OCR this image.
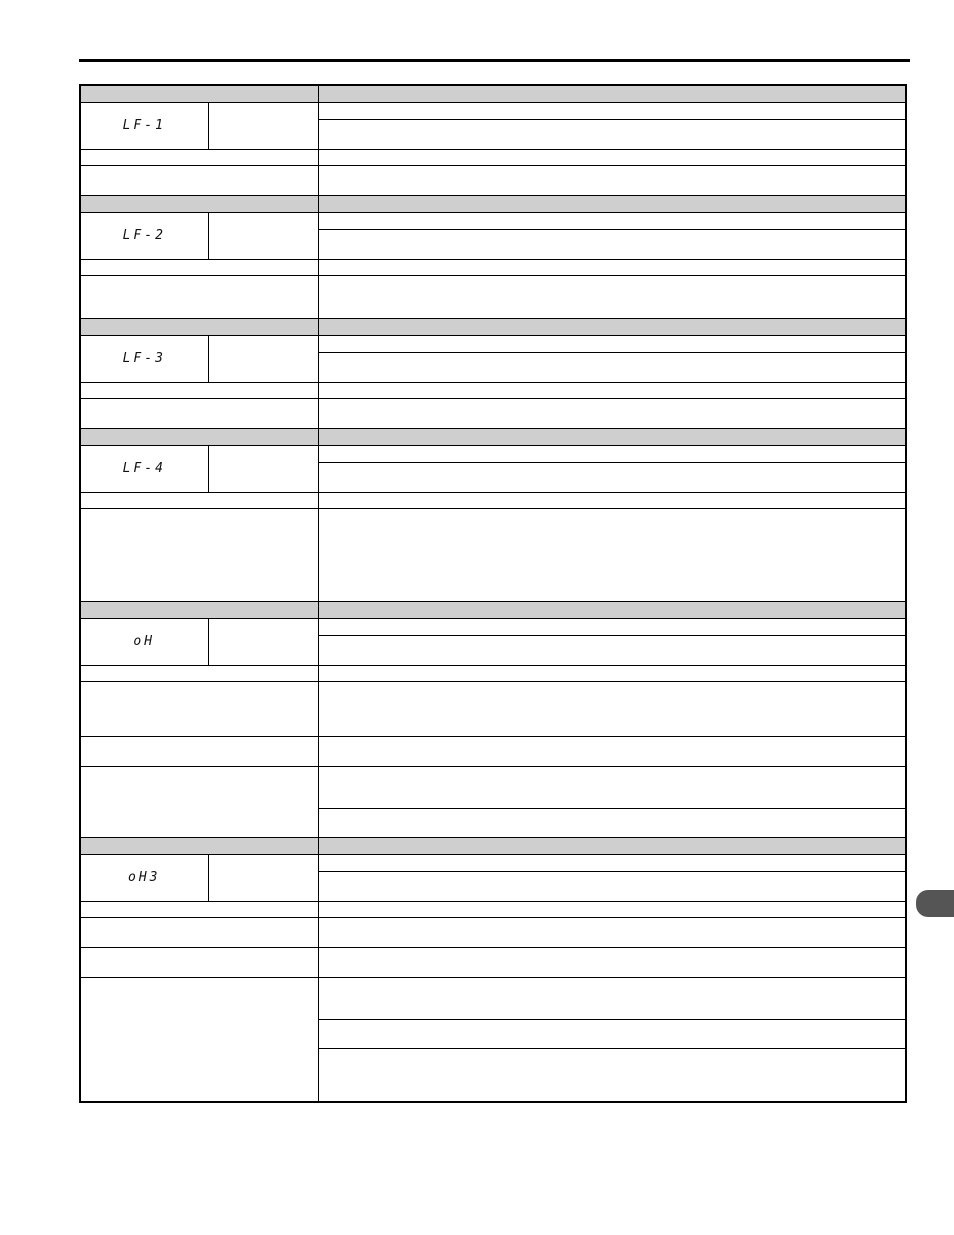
LF-1		

LF-2		

LF-3		

LF-4		

oH		

oH3		
